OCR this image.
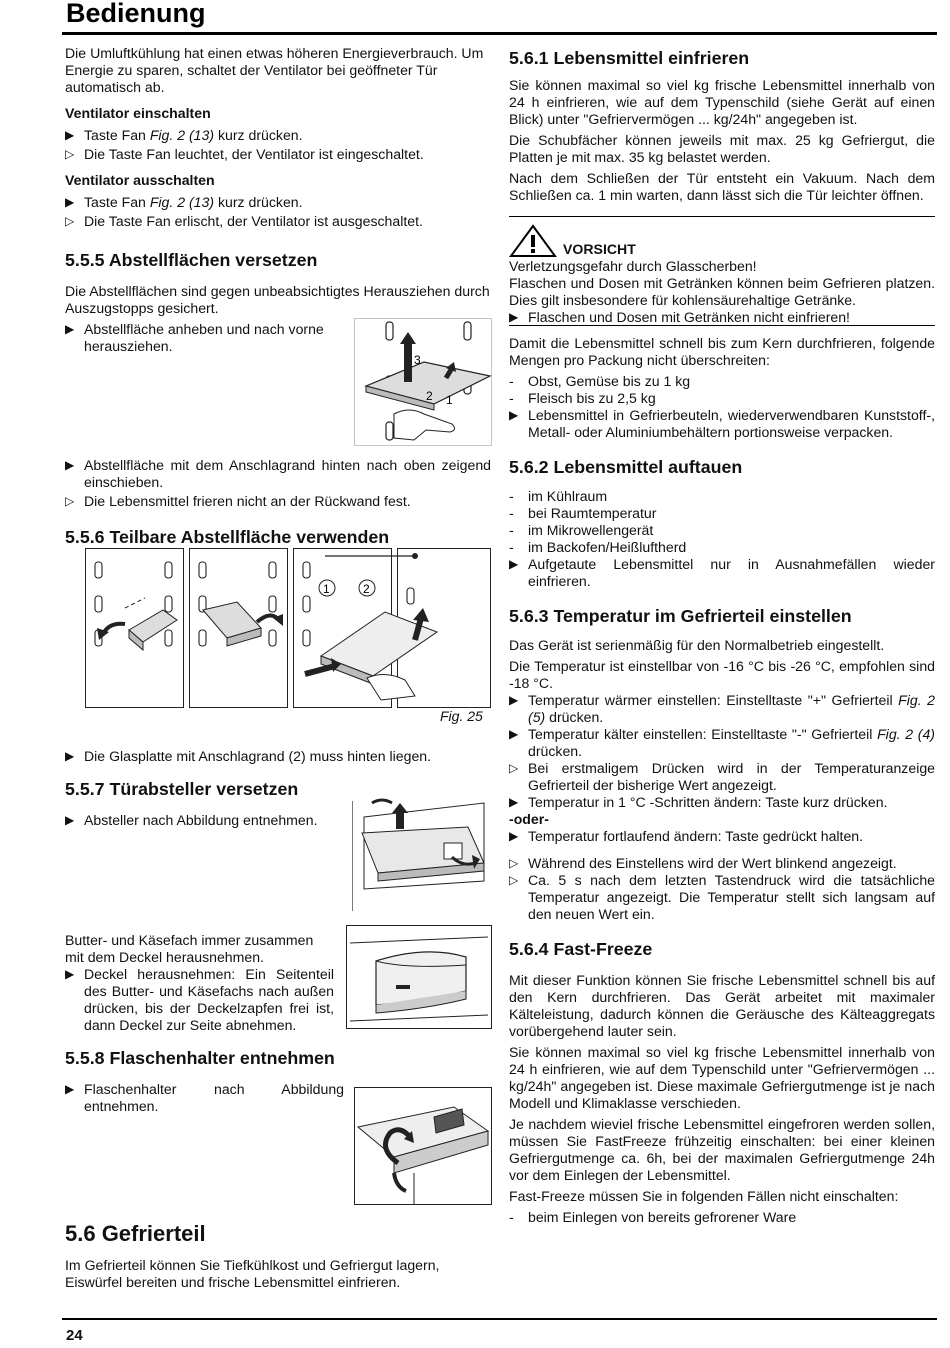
Bedienung

Die Umluftkühlung hat einen etwas höheren Energieverbrauch. Um Energie zu sparen, schaltet der Ventilator bei geöffneter Tür automatisch ab.

Ventilator einschalten

▶ Taste Fan Fig. 2 (13) kurz drücken.
▷ Die Taste Fan leuchtet, der Ventilator ist eingeschaltet.

Ventilator ausschalten

▶ Taste Fan Fig. 2 (13) kurz drücken.
▷ Die Taste Fan erlischt, der Ventilator ist ausgeschaltet.
5.5.5 Abstellflächen versetzen

Die Abstellflächen sind gegen unbeabsichtigtes Herausziehen durch Auszugstopps gesichert.

▶ Abstellfläche anheben und nach vorne herausziehen.
▶ Abstellfläche mit dem Anschlagrand hinten nach oben zeigend einschieben.
▷ Die Lebensmittel frieren nicht an der Rückwand fest.
5.5.6 Teilbare Abstellfläche verwenden
▶ Die Glasplatte mit Anschlagrand (2) muss hinten liegen.
5.5.7 Türabsteller versetzen
▶ Absteller nach Abbildung entnehmen.

Butter- und Käsefach immer zusammen mit dem Deckel herausnehmen.

▶ Deckel herausnehmen: Ein Seitenteil des Butter- und Käsefachs nach außen drücken, bis der Deckelzapfen frei ist, dann Deckel zur Seite abnehmen.
5.5.8 Flaschenhalter entnehmen
▶ Flaschenhalter nach Abbildung entnehmen.
5.6 Gefrierteil

Im Gefrierteil können Sie Tiefkühlkost und Gefriergut lagern, Eiswürfel bereiten und frische Lebensmittel einfrieren.

3
2 1
1	2
Fig. 25
5.6.1 Lebensmittel einfrieren

Sie können maximal so viel kg frische Lebensmittel innerhalb von 24 h einfrieren, wie auf dem Typenschild (siehe Gerät auf einen Blick) unter "Gefriervermögen ... kg/24h" angegeben ist.

Die Schubfächer können jeweils mit max. 25 kg Gefriergut, die Platten je mit max. 35 kg belastet werden.

Nach dem Schließen der Tür entsteht ein Vakuum. Nach dem Schließen ca. 1 min warten, dann lässt sich die Tür leichter öffnen.

VORSICHT

Verletzungsgefahr durch Glasscherben!

Flaschen und Dosen mit Getränken können beim Gefrieren platzen. Dies gilt insbesondere für kohlensäurehaltige Getränke.

▶ Flaschen und Dosen mit Getränken nicht einfrieren!

Damit die Lebensmittel schnell bis zum Kern durchfrieren, folgende Mengen pro Packung nicht überschreiten:

- Obst, Gemüse bis zu 1 kg
- Fleisch bis zu 2,5 kg
▶ Lebensmittel in Gefrierbeuteln, wiederverwendbaren Kunststoff-, Metall- oder Aluminiumbehältern portionsweise verpacken.
5.6.2 Lebensmittel auftauen
- im Kühlraum
- bei Raumtemperatur
- im Mikrowellengerät
- im Backofen/Heißluftherd
▶ Aufgetaute Lebensmittel nur in Ausnahmefällen wieder einfrieren.
5.6.3 Temperatur im Gefrierteil einstellen

Das Gerät ist serienmäßig für den Normalbetrieb eingestellt.

Die Temperatur ist einstellbar von -16 °C bis -26 °C, empfohlen sind -18 °C.

▶ Temperatur wärmer einstellen: Einstelltaste "+" Gefrierteil Fig. 2 (5) drücken.
▶ Temperatur kälter einstellen: Einstelltaste "-" Gefrierteil Fig. 2 (4) drücken.
▷ Bei erstmaligem Drücken wird in der Temperaturanzeige Gefrierteil der bisherige Wert angezeigt.
▶ Temperatur in 1 °C -Schritten ändern: Taste kurz drücken.

-oder-

▶ Temperatur fortlaufend ändern: Taste gedrückt halten.
▷ Während des Einstellens wird der Wert blinkend angezeigt.
▷ Ca. 5 s nach dem letzten Tastendruck wird die tatsächliche Temperatur angezeigt. Die Temperatur stellt sich langsam auf den neuen Wert ein.
5.6.4 Fast-Freeze

Mit dieser Funktion können Sie frische Lebensmittel schnell bis auf den Kern durchfrieren. Das Gerät arbeitet mit maximaler Kälteleistung, dadurch können die Geräusche des Kälteaggregats vorübergehend lauter sein.

Sie können maximal so viel kg frische Lebensmittel innerhalb von 24 h einfrieren, wie auf dem Typenschild unter "Gefriervermögen ... kg/24h" angegeben ist. Diese maximale Gefriergutmenge ist je nach Modell und Klimaklasse verschieden.

Je nachdem wieviel frische Lebensmittel eingefroren werden sollen, müssen Sie FastFreeze frühzeitig einschalten: bei einer kleinen Gefriergutmenge ca. 6h, bei der maximalen Gefriergutmenge 24h vor dem Einlegen der Lebensmittel.

Fast-Freeze müssen Sie in folgenden Fällen nicht einschalten:

- beim Einlegen von bereits gefrorener Ware
24
